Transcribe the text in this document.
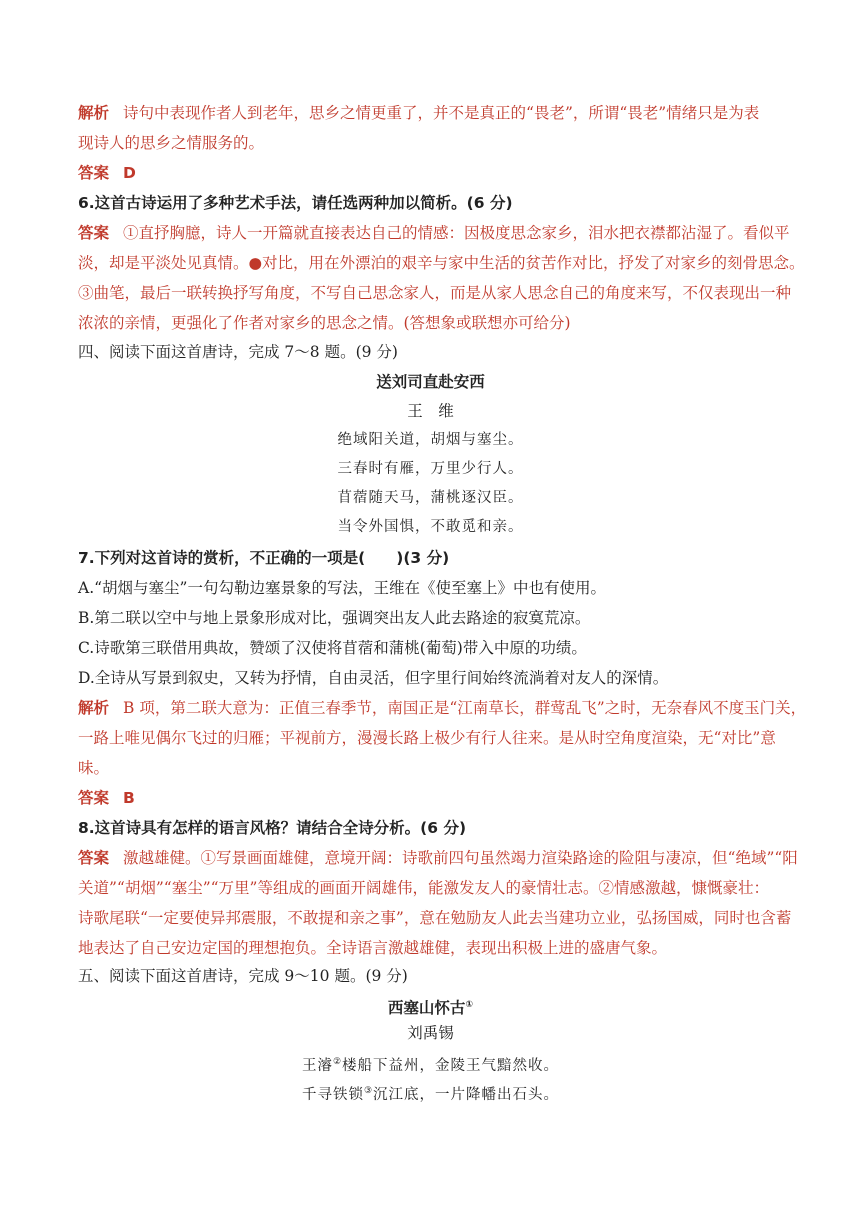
解析 诗句中表现作者人到老年，思乡之情更重了，并不是真正的“畏老”，所谓“畏老”情绪只是为表
现诗人的思乡之情服务的。
答案 D
6.这首古诗运用了多种艺术手法，请任选两种加以简析。(6 分)
答案 ①直抒胸臆，诗人一开篇就直接表达自己的情感：因极度思念家乡，泪水把衣襟都沾湿了。看似平
淡，却是平淡处见真情。●对比，用在外漂泊的艰辛与家中生活的贫苦作对比，抒发了对家乡的刻骨思念。
③曲笔，最后一联转换抒写角度，不写自己思念家人，而是从家人思念自己的角度来写，不仅表现出一种
浓浓的亲情，更强化了作者对家乡的思念之情。(答想象或联想亦可给分)
四、阅读下面这首唐诗，完成 7～8 题。(9 分)
送刘司直赴安西
王　维
绝域阳关道，胡烟与塞尘。
三春时有雁，万里少行人。
苜蓿随天马，蒲桃逐汉臣。
当令外国惧，不敢觅和亲。
7.下列对这首诗的赏析，不正确的一项是(　　)(3 分)
A.“胡烟与塞尘”一句勾勒边塞景象的写法，王维在《使至塞上》中也有使用。
B.第二联以空中与地上景象形成对比，强调突出友人此去路途的寂寞荒凉。
C.诗歌第三联借用典故，赞颂了汉使将苜蓿和蒲桃(葡萄)带入中原的功绩。
D.全诗从写景到叙史，又转为抒情，自由灵活，但字里行间始终流淌着对友人的深情。
解析 B 项，第二联大意为：正值三春季节，南国正是“江南草长，群莺乱飞”之时，无奈春风不度玉门关，
一路上唯见偶尔飞过的归雁；平视前方，漫漫长路上极少有行人往来。是从时空角度渲染，无“对比”意
味。
答案 B
8.这首诗具有怎样的语言风格？请结合全诗分析。(6 分)
答案 激越雄健。①写景画面雄健，意境开阔：诗歌前四句虽然竭力渲染路途的险阻与凄凉，但“绝域”“阳
关道”“胡烟”“塞尘”“万里”等组成的画面开阔雄伟，能激发友人的豪情壮志。②情感激越，慷慨豪壮：
诗歌尾联“一定要使异邦震服，不敢提和亲之事”，意在勉励友人此去当建功立业，弘扬国威，同时也含蓄
地表达了自己安边定国的理想抱负。全诗语言激越雄健，表现出积极上进的盛唐气象。
五、阅读下面这首唐诗，完成 9～10 题。(9 分)
西塞山怀古①
刘禹锡
王濬②楼船下益州，金陵王气黯然收。
千寻铁锁③沉江底，一片降幡出石头。
